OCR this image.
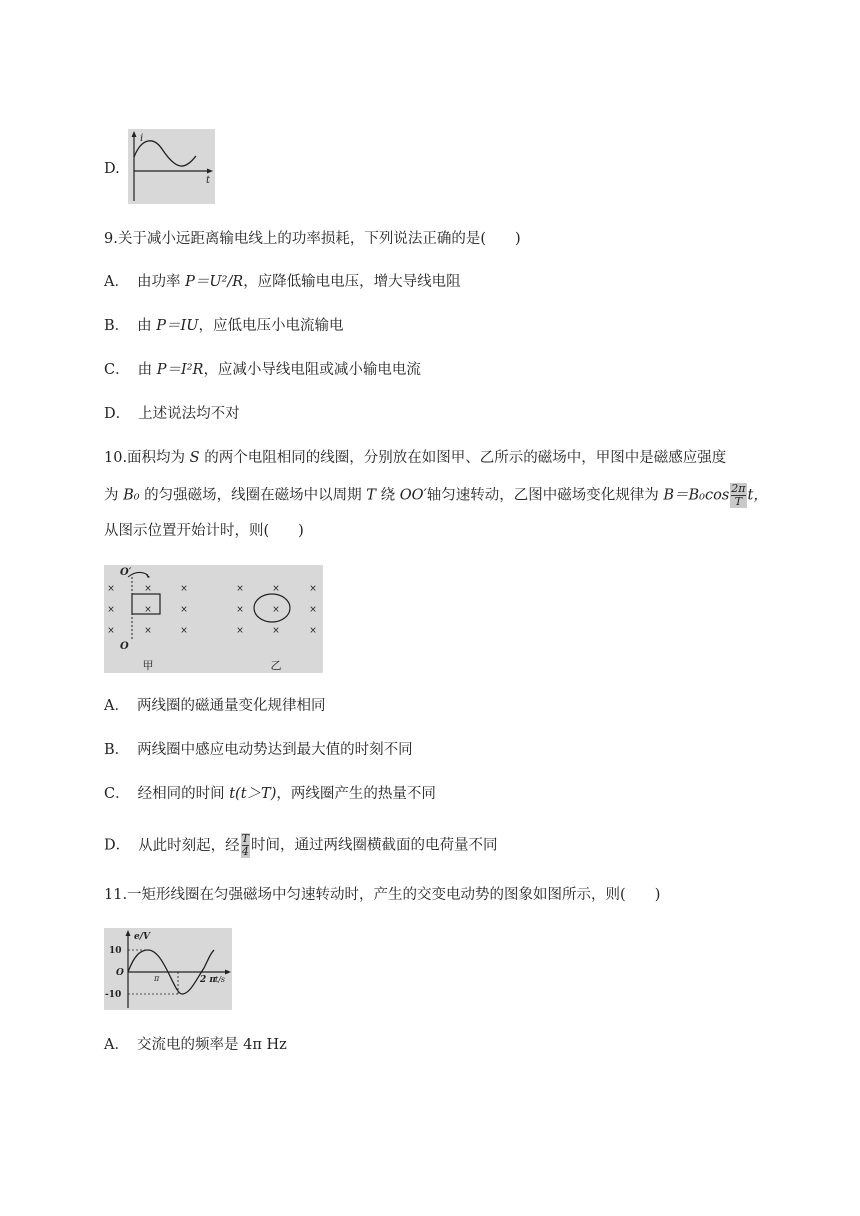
D.
i
t
9.关于减小远距离输电线上的功率损耗，下列说法正确的是(　　)
A． 由功率 P＝U²/R，应降低输电电压，增大导线电阻
B． 由 P＝IU，应低电压小电流输电
C． 由 P＝I²R，应减小导线电阻或减小输电电流
D． 上述说法均不对
10.面积均为 S 的两个电阻相同的线圈，分别放在如图甲、乙所示的磁场中，甲图中是磁感应强度
为 B₀ 的匀强磁场，线圈在磁场中以周期 T 绕 OO′轴匀速转动，乙图中磁场变化规律为 $B=B_0\cos \frac{2\pi}{T}$ t，
从图示位置开始计时，则(　　)
×	×	×
×	×	×
×	×	×
×	×	×
×	×	×
×	×	×
O′
O
甲	乙
A． 两线圈的磁通量变化规律相同
B． 两线圈中感应电动势达到最大值的时刻不同
C． 经相同的时间 t(t＞T)，两线圈产生的热量不同
D． 从此时刻起，经 $\frac{T}{4}$ 时间，通过两线圈横截面的电荷量不同
11.一矩形线圈在匀强磁场中匀速转动时，产生的交变电动势的图象如图所示，则(　　)
e/V
10
O
-10
π	2 π t/s
A． 交流电的频率是 4π Hz
